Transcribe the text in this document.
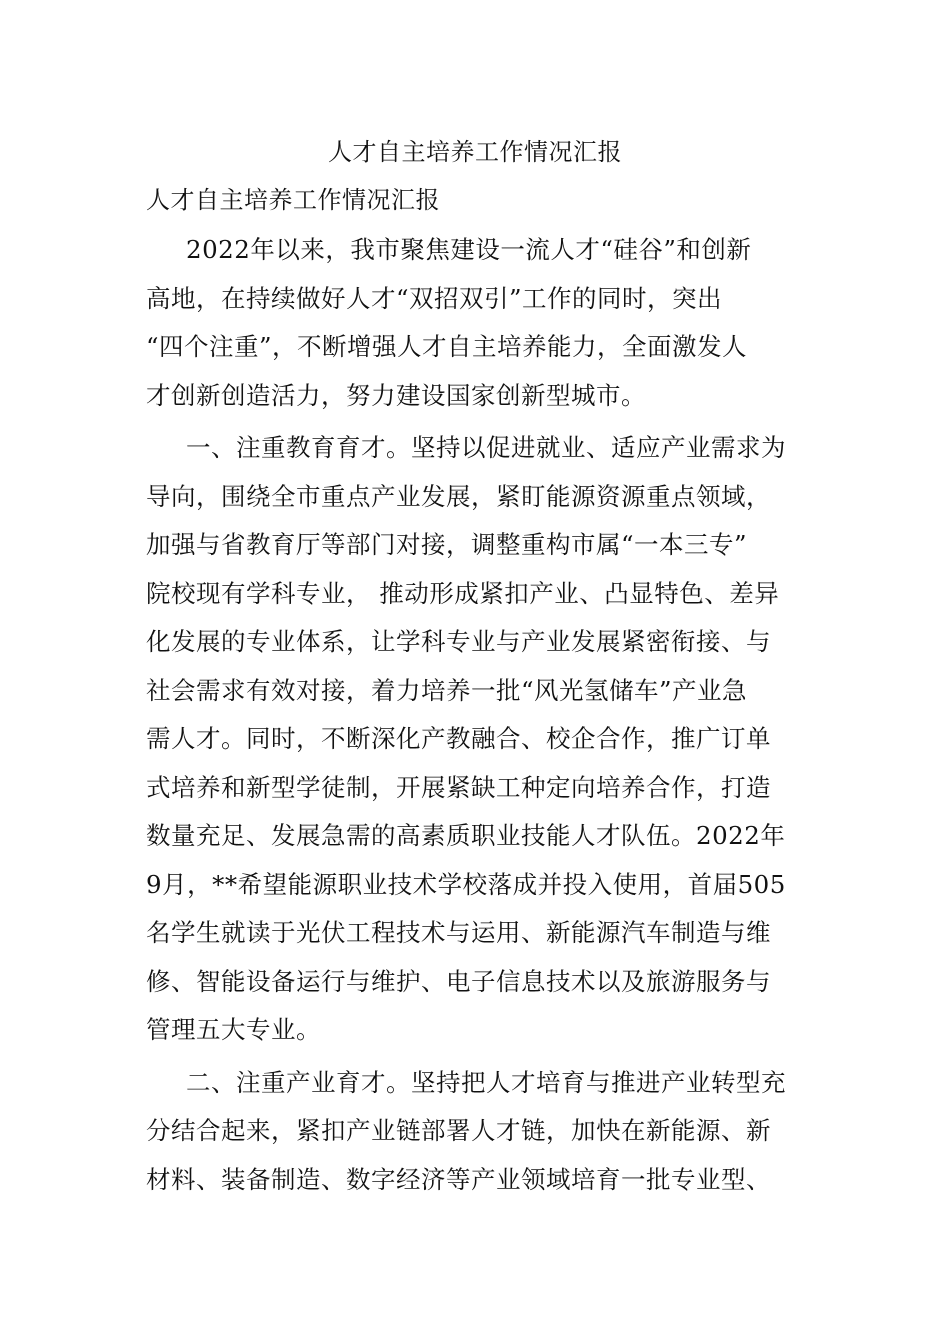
人才自主培养工作情况汇报
人才自主培养工作情况汇报

2022年以来，我市聚焦建设一流人才“硅谷”和创新
高地，在持续做好人才“双招双引”工作的同时，突出
“四个注重”，不断增强人才自主培养能力，全面激发人
才创新创造活力，努力建设国家创新型城市。

一、注重教育育才。坚持以促进就业、适应产业需求为
导向，围绕全市重点产业发展，紧盯能源资源重点领域，
加强与省教育厅等部门对接，调整重构市属“一本三专”
院校现有学科专业， 推动形成紧扣产业、凸显特色、差异
化发展的专业体系，让学科专业与产业发展紧密衔接、与
社会需求有效对接，着力培养一批“风光氢储车”产业急
需人才。同时，不断深化产教融合、校企合作，推广订单
式培养和新型学徒制，开展紧缺工种定向培养合作，打造
数量充足、发展急需的高素质职业技能人才队伍。2022年
9月，**希望能源职业技术学校落成并投入使用，首届505
名学生就读于光伏工程技术与运用、新能源汽车制造与维
修、智能设备运行与维护、电子信息技术以及旅游服务与
管理五大专业。

二、注重产业育才。坚持把人才培育与推进产业转型充
分结合起来，紧扣产业链部署人才链，加快在新能源、新
材料、装备制造、数字经济等产业领域培育一批专业型、
